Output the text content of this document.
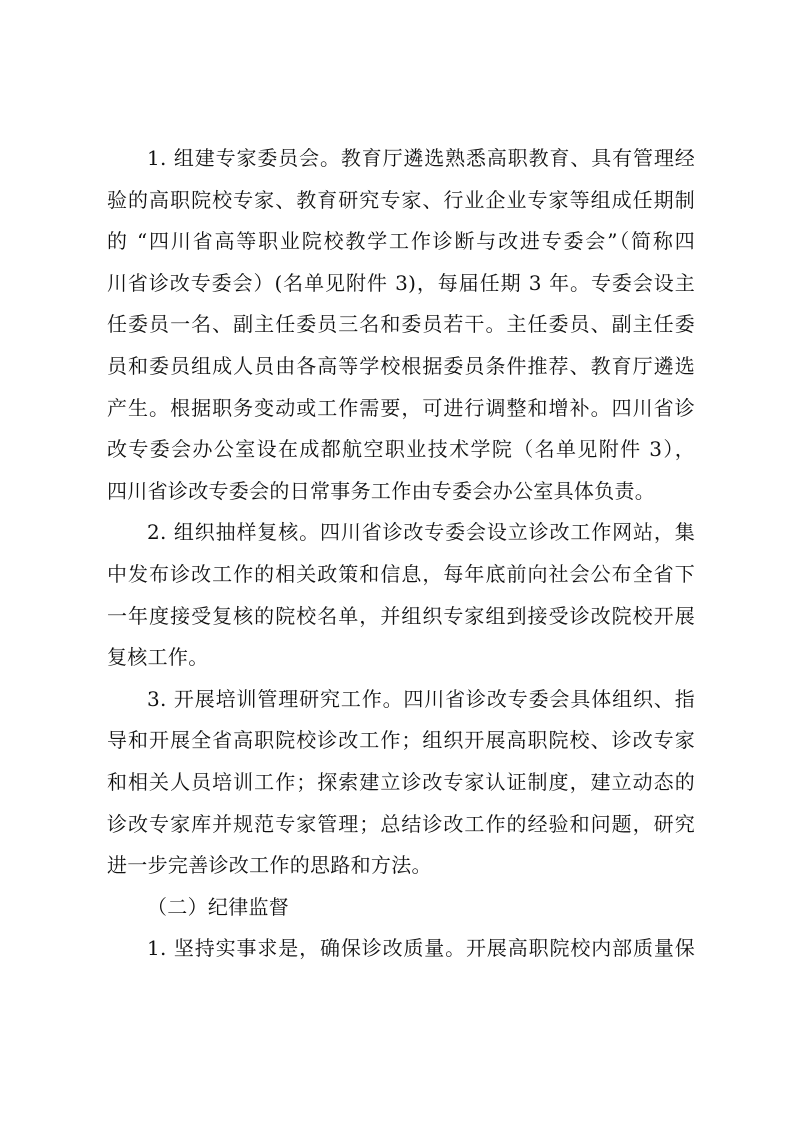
1. 组建专家委员会。教育厅遴选熟悉高职教育、具有管理经
验的高职院校专家、教育研究专家、行业企业专家等组成任期制
的 “四川省高等职业院校教学工作诊断与改进专委会”（简称四
川省诊改专委会）(名单见附件 3)，每届任期 3 年。专委会设主
任委员一名、副主任委员三名和委员若干。主任委员、副主任委
员和委员组成人员由各高等学校根据委员条件推荐、教育厅遴选
产生。根据职务变动或工作需要，可进行调整和增补。四川省诊
改专委会办公室设在成都航空职业技术学院（名单见附件 3），
四川省诊改专委会的日常事务工作由专委会办公室具体负责。
2. 组织抽样复核。四川省诊改专委会设立诊改工作网站，集
中发布诊改工作的相关政策和信息，每年底前向社会公布全省下
一年度接受复核的院校名单，并组织专家组到接受诊改院校开展
复核工作。
3. 开展培训管理研究工作。四川省诊改专委会具体组织、指
导和开展全省高职院校诊改工作；组织开展高职院校、诊改专家
和相关人员培训工作；探索建立诊改专家认证制度，建立动态的
诊改专家库并规范专家管理；总结诊改工作的经验和问题，研究
进一步完善诊改工作的思路和方法。
（二）纪律监督
1. 坚持实事求是，确保诊改质量。开展高职院校内部质量保
